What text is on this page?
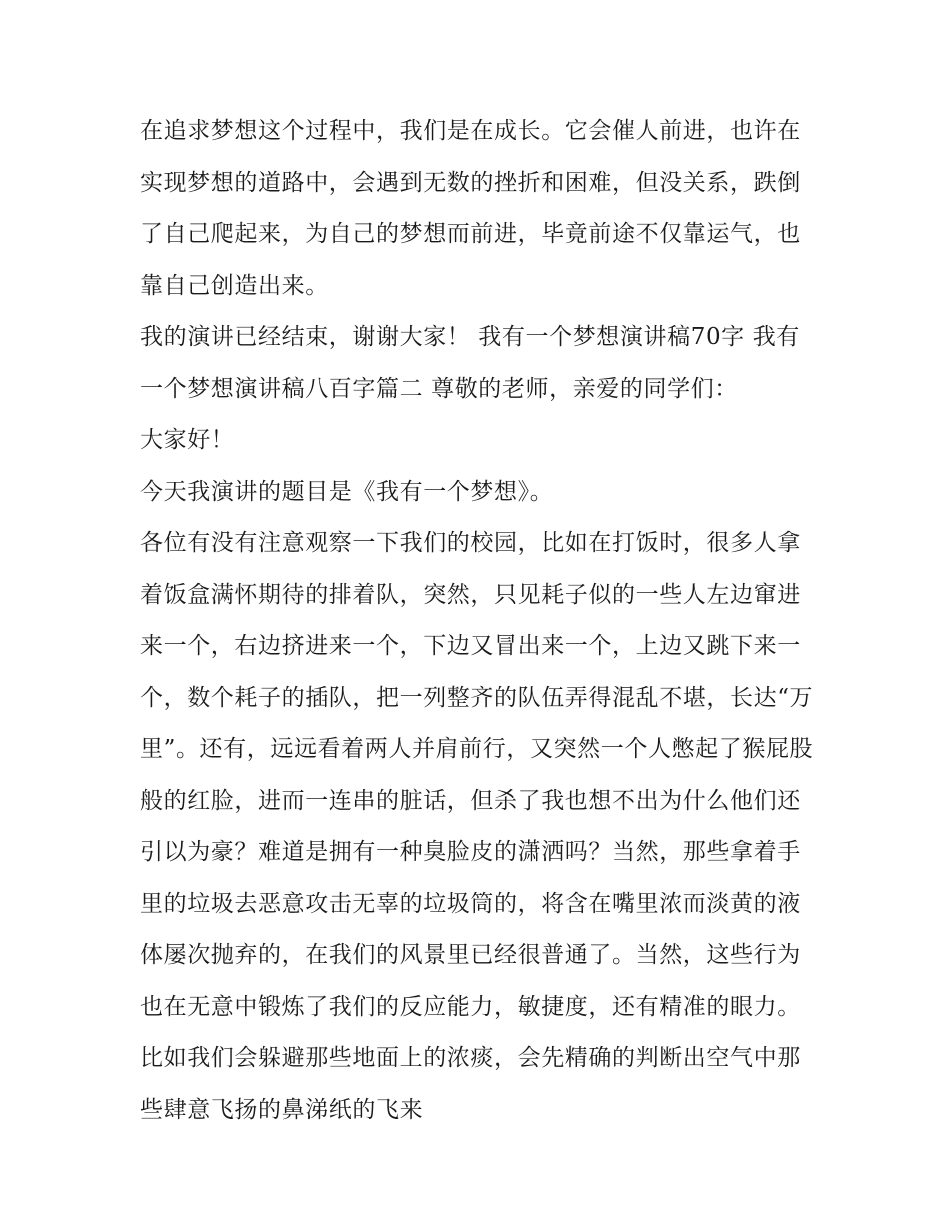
在追求梦想这个过程中，我们是在成长。它会催人前进，也许在实现梦想的道路中，会遇到无数的挫折和困难，但没关系，跌倒了自己爬起来，为自己的梦想而前进，毕竟前途不仅靠运气，也靠自己创造出来。

我的演讲已经结束，谢谢大家！ 我有一个梦想演讲稿70字 我有一个梦想演讲稿八百字篇二 尊敬的老师，亲爱的同学们：

大家好！

今天我演讲的题目是《我有一个梦想》。

各位有没有注意观察一下我们的校园，比如在打饭时，很多人拿着饭盒满怀期待的排着队，突然，只见耗子似的一些人左边窜进来一个，右边挤进来一个，下边又冒出来一个，上边又跳下来一个，数个耗子的插队，把一列整齐的队伍弄得混乱不堪，长达“万里”。还有，远远看着两人并肩前行，又突然一个人憋起了猴屁股般的红脸，进而一连串的脏话，但杀了我也想不出为什么他们还引以为豪？难道是拥有一种臭脸皮的潇洒吗？当然，那些拿着手里的垃圾去恶意攻击无辜的垃圾筒的，将含在嘴里浓而淡黄的液体屡次抛弃的，在我们的风景里已经很普通了。当然，这些行为也在无意中锻炼了我们的反应能力，敏捷度，还有精准的眼力。比如我们会躲避那些地面上的浓痰，会先精确的判断出空气中那些肆意飞扬的鼻涕纸的飞来
